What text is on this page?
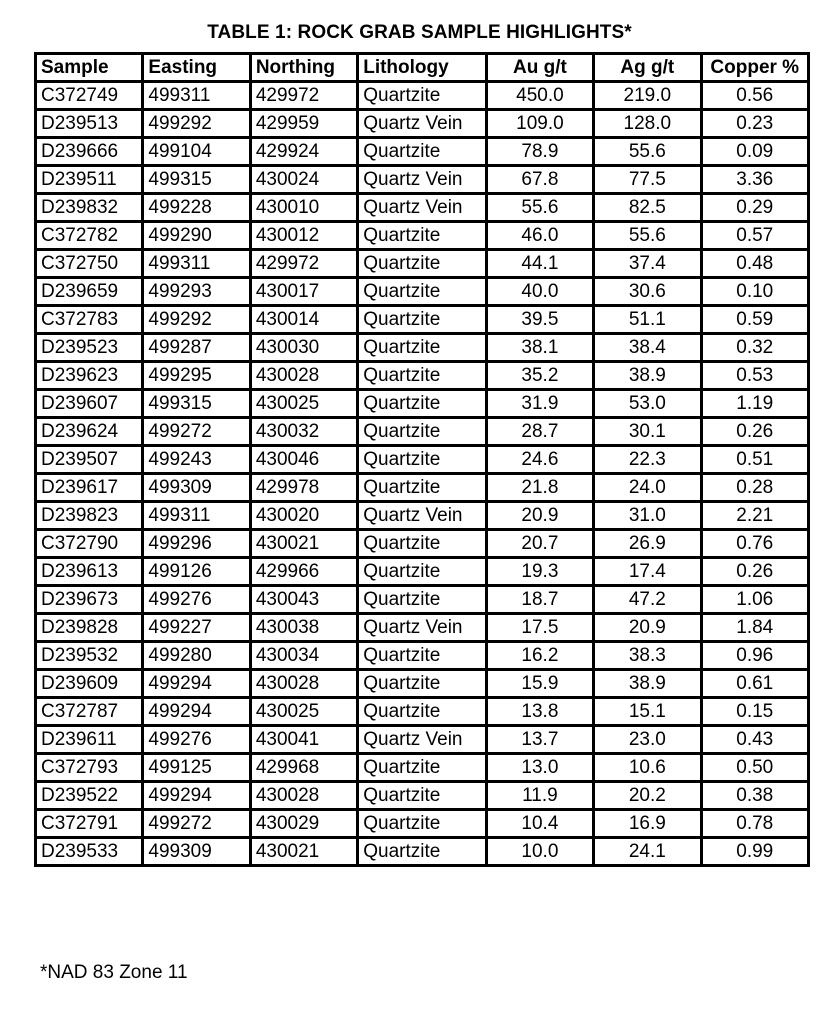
TABLE 1: ROCK GRAB SAMPLE HIGHLIGHTS*
Sample	Easting	Northing	Lithology	Au g/t	Ag g/t	Copper %
C372749	499311	429972	Quartzite	450.0	219.0	0.56
D239513	499292	429959	Quartz Vein	109.0	128.0	0.23
D239666	499104	429924	Quartzite	78.9	55.6	0.09
D239511	499315	430024	Quartz Vein	67.8	77.5	3.36
D239832	499228	430010	Quartz Vein	55.6	82.5	0.29
C372782	499290	430012	Quartzite	46.0	55.6	0.57
C372750	499311	429972	Quartzite	44.1	37.4	0.48
D239659	499293	430017	Quartzite	40.0	30.6	0.10
C372783	499292	430014	Quartzite	39.5	51.1	0.59
D239523	499287	430030	Quartzite	38.1	38.4	0.32
D239623	499295	430028	Quartzite	35.2	38.9	0.53
D239607	499315	430025	Quartzite	31.9	53.0	1.19
D239624	499272	430032	Quartzite	28.7	30.1	0.26
D239507	499243	430046	Quartzite	24.6	22.3	0.51
D239617	499309	429978	Quartzite	21.8	24.0	0.28
D239823	499311	430020	Quartz Vein	20.9	31.0	2.21
C372790	499296	430021	Quartzite	20.7	26.9	0.76
D239613	499126	429966	Quartzite	19.3	17.4	0.26
D239673	499276	430043	Quartzite	18.7	47.2	1.06
D239828	499227	430038	Quartz Vein	17.5	20.9	1.84
D239532	499280	430034	Quartzite	16.2	38.3	0.96
D239609	499294	430028	Quartzite	15.9	38.9	0.61
C372787	499294	430025	Quartzite	13.8	15.1	0.15
D239611	499276	430041	Quartz Vein	13.7	23.0	0.43
C372793	499125	429968	Quartzite	13.0	10.6	0.50
D239522	499294	430028	Quartzite	11.9	20.2	0.38
C372791	499272	430029	Quartzite	10.4	16.9	0.78
D239533	499309	430021	Quartzite	10.0	24.1	0.99
*NAD 83 Zone 11
